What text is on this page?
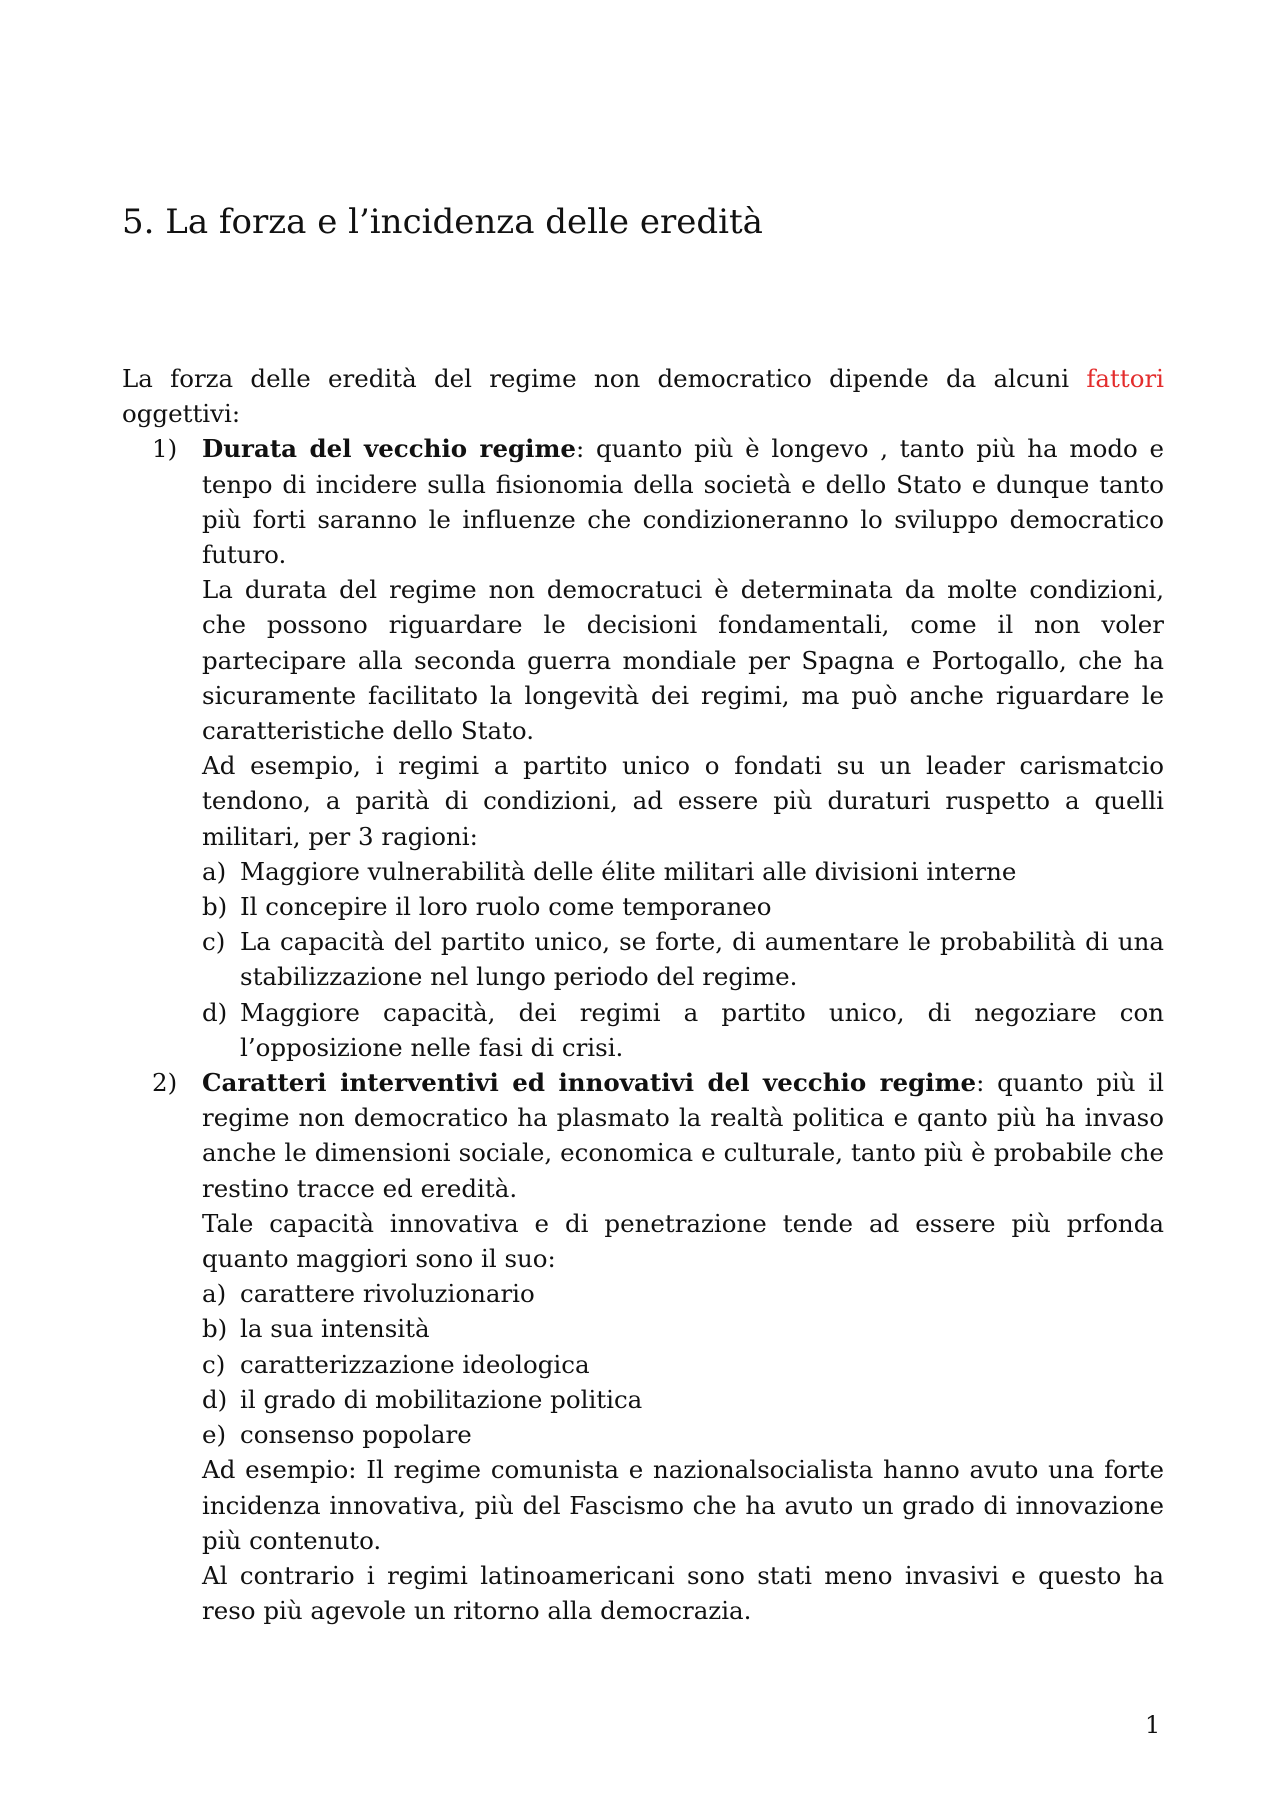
5. La forza e l’incidenza delle eredità

La forza delle eredità del regime non democratico dipende da alcuni fattori oggettivi:

1) Durata del vecchio regime: quanto più è longevo , tanto più ha modo e tenpo di incidere sulla fisionomia della società e dello Stato e dunque tanto più forti saranno le influenze che condizioneranno lo sviluppo democratico futuro.

La durata del regime non democratuci è determinata da molte condizioni, che possono riguardare le decisioni fondamentali, come il non voler partecipare alla seconda guerra mondiale per Spagna e Portogallo, che ha sicuramente facilitato la longevità dei regimi, ma può anche riguardare le caratteristiche dello Stato.

Ad esempio, i regimi a partito unico o fondati su un leader carismatcio tendono, a parità di condizioni, ad essere più duraturi ruspetto a quelli militari, per 3 ragioni:

a) Maggiore vulnerabilità delle élite militari alle divisioni interne
b) Il concepire il loro ruolo come temporaneo
c) La capacità del partito unico, se forte, di aumentare le probabilità di una stabilizzazione nel lungo periodo del regime.
d) Maggiore capacità, dei regimi a partito unico, di negoziare con l’opposizione nelle fasi di crisi.
2) Caratteri interventivi ed innovativi del vecchio regime: quanto più il regime non democratico ha plasmato la realtà politica e qanto più ha invaso anche le dimensioni sociale, economica e culturale, tanto più è probabile che restino tracce ed eredità.

Tale capacità innovativa e di penetrazione tende ad essere più prfonda quanto maggiori sono il suo:

a) carattere rivoluzionario
b) la sua intensità
c) caratterizzazione ideologica
d) il grado di mobilitazione politica
e) consenso popolare

Ad esempio: Il regime comunista e nazionalsocialista hanno avuto una forte incidenza innovativa, più del Fascismo che ha avuto un grado di innovazione più contenuto.

Al contrario i regimi latinoamericani sono stati meno invasivi e questo ha reso più agevole un ritorno alla democrazia.

1
